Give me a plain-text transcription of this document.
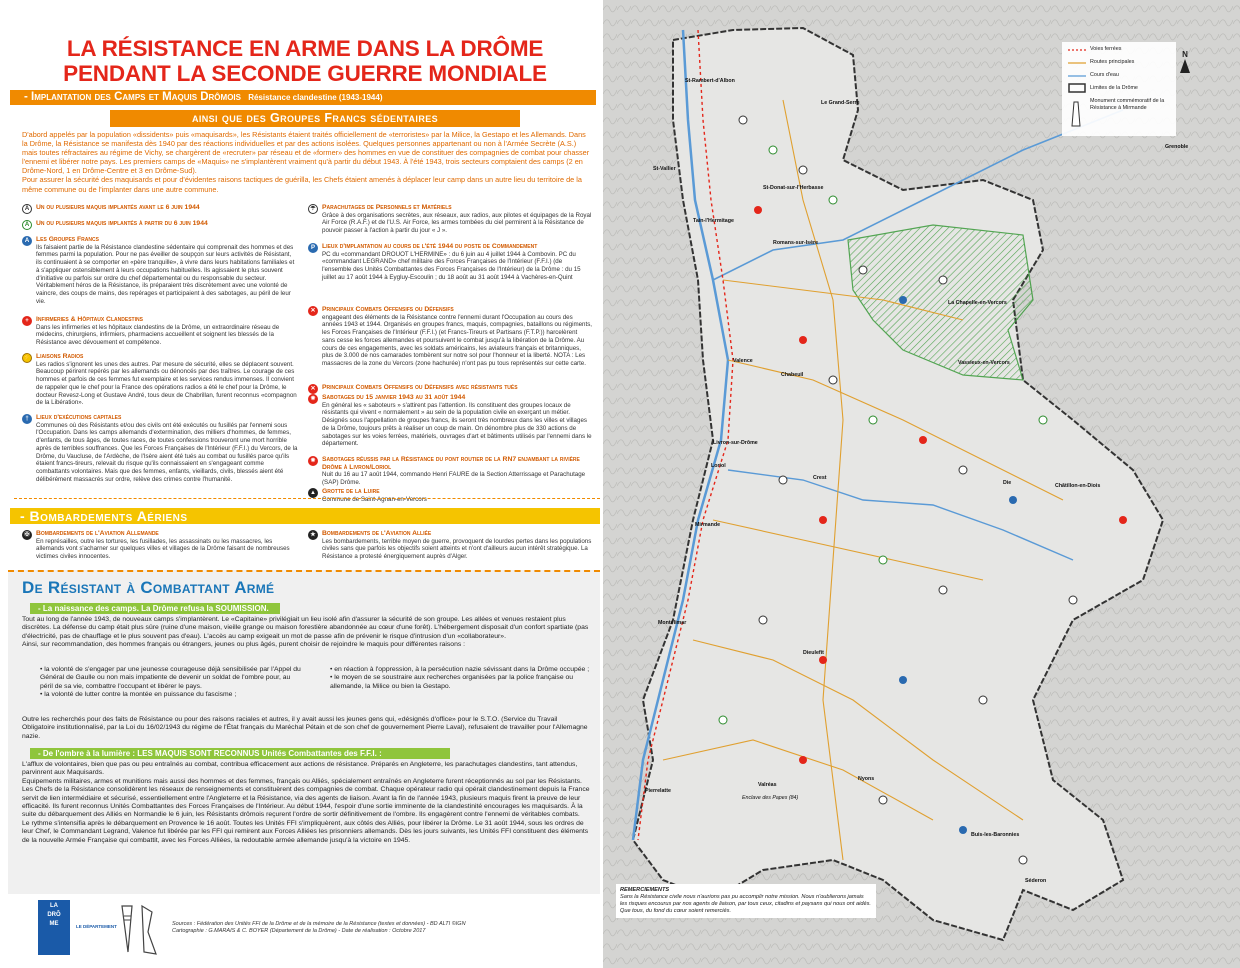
LA RÉSISTANCE EN ARME DANS LA DRÔME
PENDANT LA SECONDE GUERRE MONDIALE
- Implantation des Camps et Maquis Drômois Résistance clandestine (1943-1944)
ainsi que des Groupes Francs sédentaires
D'abord appelés par la population «dissidents» puis «maquisards», les Résistants étaient traités officiellement de «terroristes» par la Milice, la Gestapo et les Allemands. Dans la Drôme, la Résistance se manifesta dès 1940 par des réactions individuelles et par des actions isolées. Quelques personnes appartenant ou non à l'Armée Secrète (A.S.) mais toutes réfractaires au régime de Vichy, se chargèrent de «recruter» par réseau et de «former» des hommes en vue de constituer des compagnies de combat pour chasser l'ennemi et libérer notre pays. Les premiers camps de «Maquis» ne s'implantèrent vraiment qu'à partir du début 1943. À l'été 1943, trois secteurs comptaient des camps (2 en Drôme-Nord, 1 en Drôme-Centre et 3 en Drôme-Sud).
Pour assurer la sécurité des maquisards et pour d'évidentes raisons tactiques de guérilla, les Chefs étaient amenés à déplacer leur camp dans un autre lieu du territoire de la même commune ou de l'implanter dans une autre commune.
A	Un ou plusieurs maquis implantés avant le 6 juin 1944
A	Un ou plusieurs maquis implantés à partir du 6 juin 1944
A	Les Groupes Francs
Ils faisaient partie de la Résistance clandestine sédentaire qui comprenait des hommes et des femmes parmi la population. Pour ne pas éveiller de soupçon sur leurs activités de Résistant, ils continuaient à se comporter en «père tranquille», à vivre dans leurs habitations familiales et à s'appliquer ostensiblement à leurs occupations habituelles. Ils agissaient le plus souvent d'initiative ou parfois sur ordre du chef départemental ou du responsable du secteur. Véritablement héros de la Résistance, ils préparaient très discrètement avec une volonté de vaincre, des coups de mains, des repérages et participaient à des sabotages, au péril de leur vie.
+	Infirmeries & Hôpitaux Clandestins
Dans les infirmeries et les hôpitaux clandestins de la Drôme, un extraordinaire réseau de médecins, chirurgiens, infirmiers, pharmaciens accueillent et soignent les blessés de la Résistance avec dévouement et compétence.
⚡ Liaisons Radios
Les radios s'ignorent les unes des autres. Par mesure de sécurité, elles se déplacent souvent. Beaucoup périrent repérés par les allemands ou dénoncés par des traîtres. Le courage de ces hommes et parfois de ces femmes fut exemplaire et les services rendus immenses. Il convient de rappeler que le chef pour la France des opérations radios a été le chef pour la Drôme, le docteur Revesz-Long et Gustave André, tous deux de Chabrillan, furent reconnus «compagnon de la Libération».
†	Lieux d'exécutions capitales
Communes où des Résistants et/ou des civils ont été exécutés ou fusillés par l'ennemi sous l'Occupation. Dans les camps allemands d'extermination, des milliers d'hommes, de femmes, d'enfants, de tous âges, de toutes races, de toutes confessions trouveront une mort horrible après de terribles souffrances. Que les Forces Françaises de l'Intérieur (F.F.I.) du Vercors, de la Drôme, du Vaucluse, de l'Ardèche, de l'Isère aient été tués au combat ou fusillés parce qu'ils étaient francs-tireurs, relevait du risque qu'ils connaissaient en s'engageant comme combattants volontaires. Mais que des femmes, enfants, vieillards, civils, blessés aient été délibérément massacrés sur ordre, relève des crimes contre l'humanité.
☂ Parachutages de Personnels et Matériels
Grâce à des organisations secrètes, aux réseaux, aux radios, aux pilotes et équipages de la Royal Air Force (R.A.F.) et de l'U.S. Air Force, les armes tombées du ciel permirent à la Résistance de pouvoir passer à l'action à partir du jour « J ».
P	Lieux d'implantation au cours de l'été 1944 du poste de Commandement
PC du «commandant DROUOT L'HERMINE» : du 6 juin au 4 juillet 1944 à Combovin. PC du «commandant LEGRAND» chef militaire des Forces Françaises de l'Intérieur (F.F.I.) (de l'ensemble des Unités Combattantes des Forces Françaises de l'Intérieur) de la Drôme : du 15 juillet au 17 août 1944 à Eygluy-Escoulin ; du 18 août au 31 août 1944 à Vachères-en-Quint
✕ Principaux Combats Offensifs ou Défensifs
engageant des éléments de la Résistance contre l'ennemi durant l'Occupation au cours des années 1943 et 1944. Organisés en groupes francs, maquis, compagnies, bataillons ou régiments, les Forces Françaises de l'Intérieur (F.F.I.) (et Francs-Tireurs et Partisans (F.T.P.)) harcelèrent sans cesse les forces allemandes et poursuivent le combat jusqu'à la libération de la Drôme. Au cours de ces engagements, avec les soldats américains, les aviateurs français et britanniques, plus de 3.000 de nos camarades tombèrent sur notre sol pour l'honneur et la liberté. NOTA : Les massacres de la zone du Vercors (zone hachurée) n'ont pas pu tous représentés sur cette carte.
✕ Principaux Combats Offensifs ou Défensifs avec résistants tués
✸ Sabotages du 15 janvier 1943 au 31 août 1944
En général les « saboteurs » s'attirent pas l'attention. Ils constituent des groupes locaux de résistants qui vivent « normalement » au sein de la population civile en exerçant un métier. Désignés sous l'appellation de groupes francs, ils seront très nombreux dans les villes et villages de la Drôme, toujours prêts à réaliser un coup de main. On dénombre plus de 330 actions de sabotages sur les voies ferrées, matériels, ouvrages d'art et bâtiments utilisés par l'ennemi dans le département.
✸ Sabotages réussis par la Résistance du pont routier de la RN7 enjambant la rivière Drôme à Livron/Loriol
Nuit du 16 au 17 août 1944, commando Henri FAURE de la Section Atterrissage et Parachutage (SAP) Drôme.
▲ Grotte de la Luire
Commune de Saint-Agnan-en-Vercors
- Bombardements Aériens
✠ Bombardements de l'Aviation Allemande
En représailles, outre les tortures, les fusillades, les assassinats ou les massacres, les allemands vont s'acharner sur quelques villes et villages de la Drôme faisant de nombreuses victimes civiles innocentes.
★ Bombardements de l'Aviation Alliée
Les bombardements, terrible moyen de guerre, provoquent de lourdes pertes dans les populations civiles sans que parfois les objectifs soient atteints et n'ont d'ailleurs aucun intérêt stratégique. La Résistance a protesté énergiquement auprès d'Alger.
De Résistant à Combattant Armé
- La naissance des camps. La Drôme refusa la SOUMISSION.
Tout au long de l'année 1943, de nouveaux camps s'implantèrent. Le «Capitaine» privilégiait un lieu isolé afin d'assurer la sécurité de son groupe. Les allées et venues restaient plus discrètes. La défense du camp était plus sûre (ruine d'une maison, vieille grange ou maison forestière abandonnée au cœur d'une forêt). L'hébergement disposait d'un confort spartiate (pas d'électricité, pas de chauffage et le plus souvent pas d'eau). L'accès au camp exigeait un mot de passe afin de prévenir le risque d'intrusion d'un «collaborateur».
Ainsi, sur recommandation, des hommes français ou étrangers, jeunes ou plus âgés, purent choisir de rejoindre le maquis pour différentes raisons :
• la volonté de s'engager par une jeunesse courageuse déjà sensibilisée par l'Appel du Général de Gaulle ou non mais impatiente de devenir un soldat de l'ombre pour, au péril de sa vie, combattre l'occupant et libérer le pays.
• la volonté de lutter contre la montée en puissance du fascisme ;
• en réaction à l'oppression, à la persécution nazie sévissant dans la Drôme occupée ;
• le moyen de se soustraire aux recherches organisées par la police française ou allemande, la Milice ou bien la Gestapo.
Outre les recherchés pour des faits de Résistance ou pour des raisons raciales et autres, il y avait aussi les jeunes gens qui, «désignés d'office» pour le S.T.O. (Service du Travail Obligatoire institutionnalisé, par la Loi du 16/02/1943 du régime de l'État français du Maréchal Pétain et de son chef de gouvernement Pierre Laval), refusaient de travailler pour l'Allemagne nazie.
- De l'ombre à la lumière : LES MAQUIS SONT RECONNUS Unités Combattantes des F.F.I. :
L'afflux de volontaires, bien que pas ou peu entraînés au combat, contribua efficacement aux actions de résistance. Préparés en Angleterre, les parachutages clandestins, tant attendus, parvinrent aux Maquisards.
Equipements militaires, armes et munitions mais aussi des hommes et des femmes, français ou Alliés, spécialement entraînés en Angleterre furent réceptionnés au sol par les Résistants.
Les Chefs de la Résistance consolidèrent les réseaux de renseignements et constituèrent des compagnies de combat. Chaque opérateur radio qui opérait clandestinement depuis la France servit de lien intermédiaire et sécurisé, essentiellement entre l'Angleterre et la Résistance, via des agents de liaison. Avant la fin de l'année 1943, plusieurs maquis firent la preuve de leur efficacité. Ils furent reconnus Unités Combattantes des Forces Françaises de l'Intérieur. Au début 1944, l'espoir d'une sortie imminente de la clandestinité encourages les maquisards. À la suite du débarquement des Alliés en Normandie le 6 juin, les Résistants drômois reçurent l'ordre de sortir définitivement de l'ombre. Ils engagèrent contre l'ennemi de véritables combats.
Le rythme s'intensifia après le débarquement en Provence le 16 août. Toutes les Unités FFI s'impliquèrent, aux côtés des Alliés, pour libérer la Drôme. Le 31 août 1944, sous les ordres de leur Chef, le Commandant Legrand, Valence fut libérée par les FFI qui remirent aux Forces Alliées les prisonniers allemands. Dès les jours suivants, les Unités FFI constituent des éléments de la nouvelle Armée Française qui combattit, avec les Forces Alliées, la redoutable armée allemande jusqu'à la victoire en 1945.
LA
DRÔ
ME	LE DÉPARTEMENT	Sources : Fédération des Unités FFI de la Drôme et de la mémoire de la Résistance (textes et données) - BD ALTI ©IGN
Cartographie : G.MARAIS & C. BOYER (Département de la Drôme) - Date de réalisation : Octobre 2017
St-Rambert-d'Albon
Le Grand-Serre
St-Vallier
St-Donat-sur-l'Herbasse
Tain-l'Hermitage
Romans-sur-Isère
Grenoble
La Chapelle-en-Vercors
Vassieux-en-Vercors
Valence
Chabeuil
Livron-sur-Drôme
Crest
Die	Châtillon-en-Diois
Mirmande
Dieulefit
Montélimar
Pierrelatte
Valréas
Nyons
Buis-les-Baronnies
Séderon
Loriol
Voies ferrées
Routes principales
Cours d'eau
Limites de la Drôme
Monument commémoratif de la Résistance à Mirmande
N
REMERCIEMENTS
Sans la Résistance civile nous n'aurions pas pu accomplir notre mission. Nous n'oublierons jamais les risques encourus par nos agents de liaison, par tous ceux, citadins et paysans qui nous ont aidés. Que tous, du fond du cœur soient remerciés.
Enclave des Papes (84)
